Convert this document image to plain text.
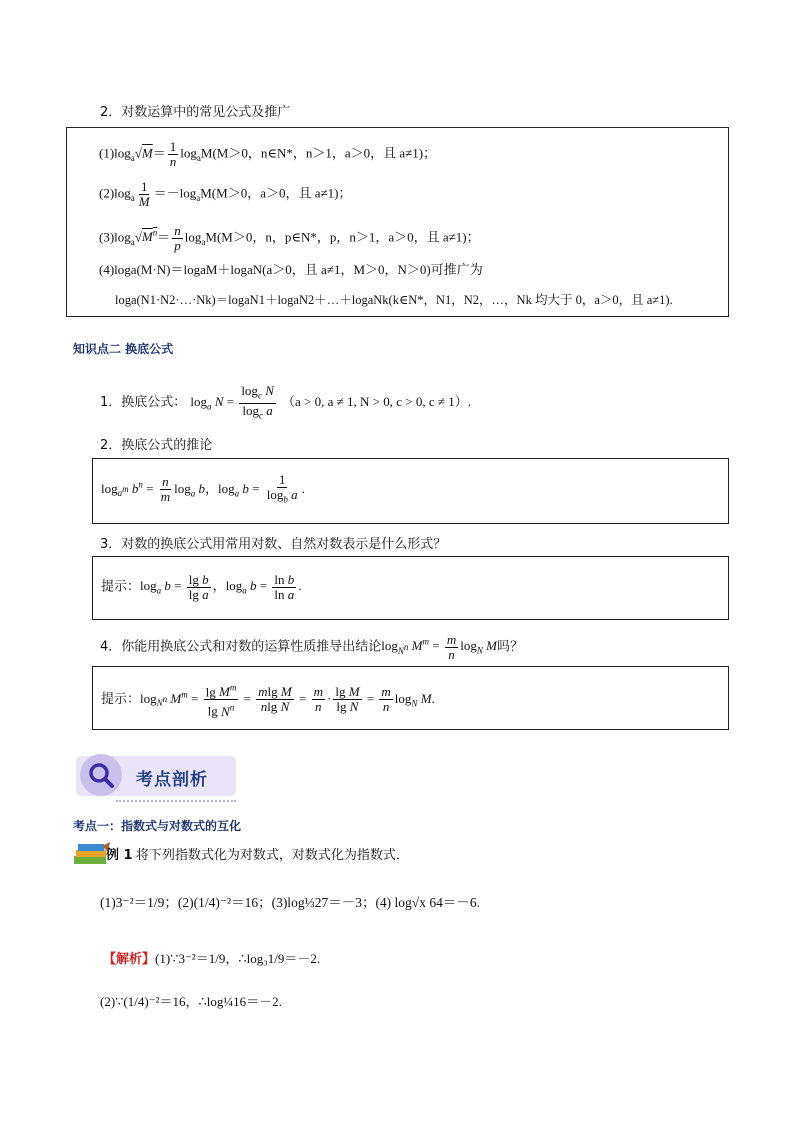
2．对数运算中的常见公式及推广
$(1)\log_a√M= \frac{1}{n} \log_aM(M>0$，n∈N*，n＞1，a＞0，且 a≠1)；
$(2)\log_a \frac{1}{M} =-\log_aM(M>0$，a＞0，且 a≠1)；
$(3)\log_a√M^n= \frac{n}{p} \log_aM(M>0$，n，p∈N*，p，n＞1，a＞0，且 a≠1)；
(4)loga(M·N)＝logaM＋logaN(a＞0，且 a≠1，M＞0，N＞0)可推广为
loga(N1·N2·…·Nk)＝logaN1＋logaN2＋…＋logaNk(k∈N*，N1，N2，…，Nk 均大于 0，a＞0，且 a≠1).
知识点二 换底公式
1．换底公式： $\log_a N = \frac{\log_c N}{\log_c a} (a > 0$, a ≠ 1, N > 0, c > 0, c ≠ 1）.
2．换底公式的推论
$\log_{a^m} b^n = \frac{n}{m} \log_a b$，$\log_a b = \frac{1}{\log_b a}$ .
3．对数的换底公式用常用对数、自然对数表示是什么形式？
提示：$\log_a b = \frac{\text{lg b}}{\text{lg a}}$ ，$\log_a b = \frac{\text{ln b}}{\text{ln a}}$ .
4．你能用换底公式和对数的运算性质推导出结论$\log_{N^n} M^m = \frac{m}{n} \log_N M$吗？
提示：$\log_{N^n} M^m = \frac{\lg M^m}{\lg N^n} = \frac{\text{mlg M}}{\text{nlg N}} = \frac{m}{n} \cdot \frac{\text{lg M}}{\text{lg N}} = \frac{m}{n} \log_N M$.
考点剖析
考点一：指数式与对数式的互化
例 1 将下列指数式化为对数式，对数式化为指数式．
(1)3⁻²＝1/9；(2)(1/4)⁻²＝16；(3)log⅓27＝－3；(4) log√x 64＝－6.
【解析】(1)∵3⁻²＝1/9，∴log₃1/9＝－2.
(2)∵(1/4)⁻²＝16，∴log¼16＝－2.
